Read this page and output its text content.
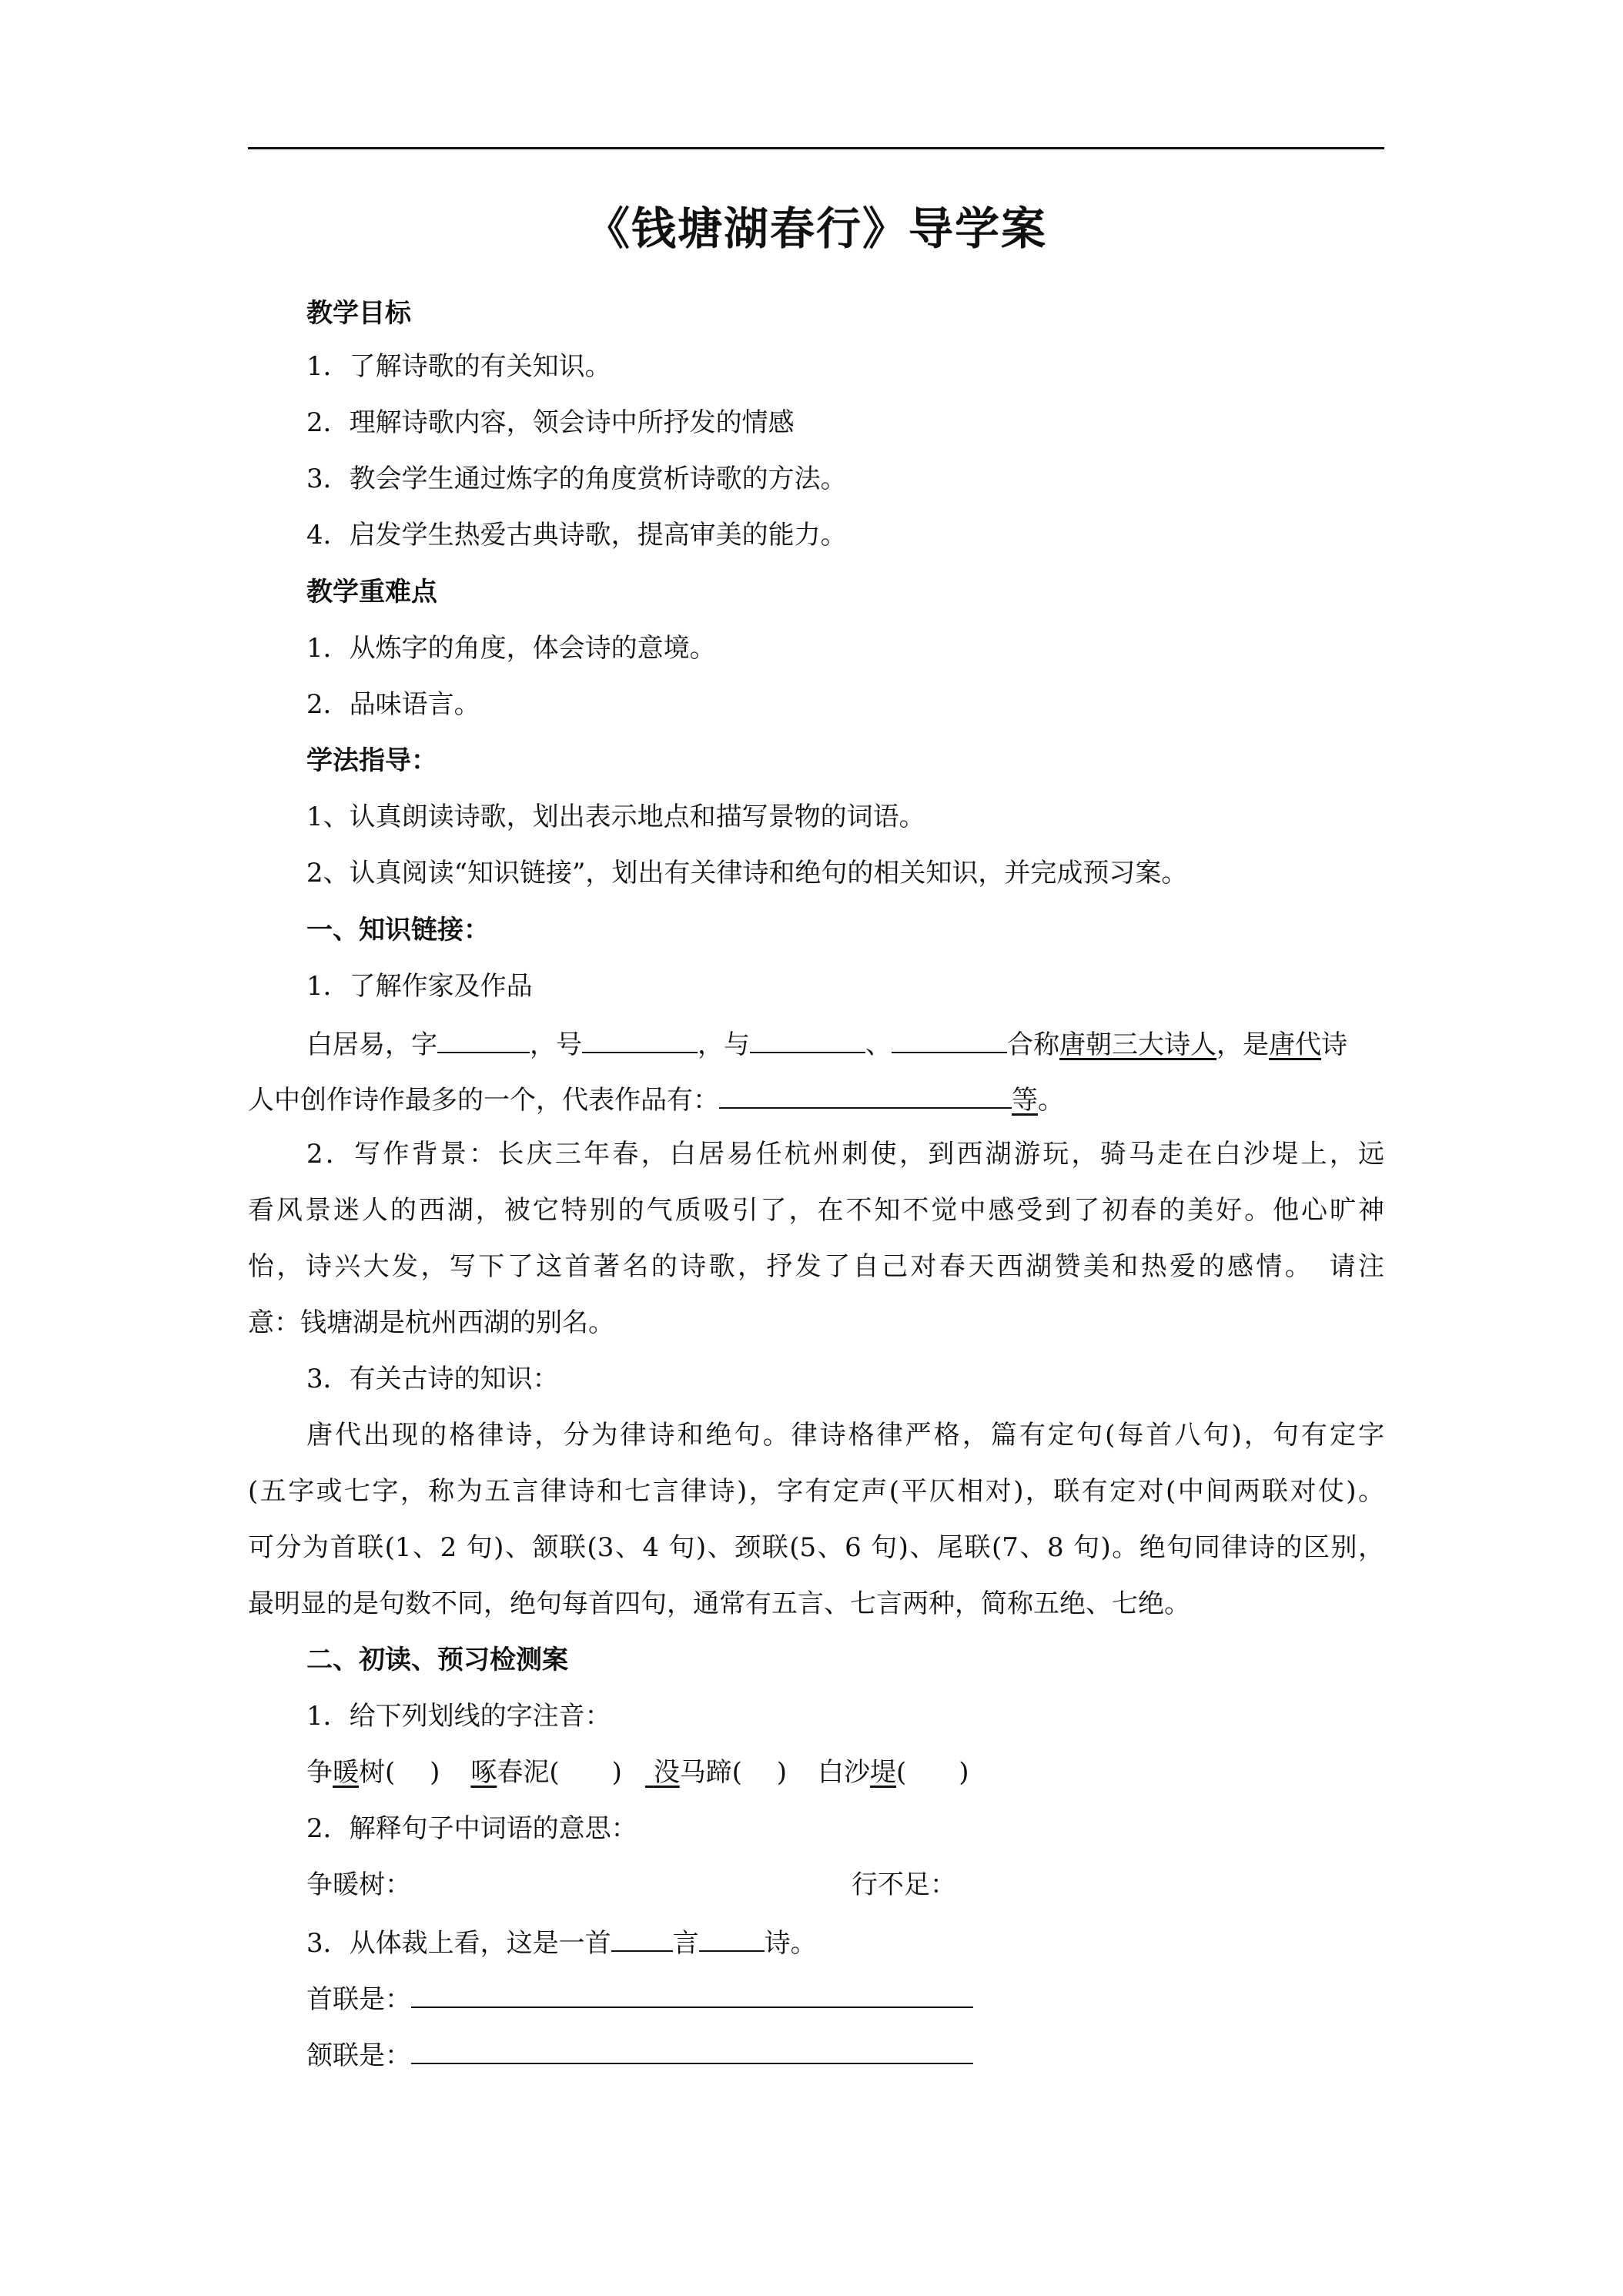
《钱塘湖春行》导学案
教学目标
1．了解诗歌的有关知识。
2．理解诗歌内容，领会诗中所抒发的情感
3．教会学生通过炼字的角度赏析诗歌的方法。
4．启发学生热爱古典诗歌，提高审美的能力。
教学重难点
1．从炼字的角度，体会诗的意境。
2．品味语言。
学法指导：
1、认真朗读诗歌，划出表示地点和描写景物的词语。
2、认真阅读“知识链接”，划出有关律诗和绝句的相关知识，并完成预习案。
一、知识链接：
1．了解作家及作品
白居易，字	，号	，与	、	合称唐朝三大诗人，是唐代诗
人中创作诗作最多的一个，代表作品有：	等。
2．写作背景：长庆三年春，白居易任杭州刺使，到西湖游玩，骑马走在白沙堤上，远
看风景迷人的西湖，被它特别的气质吸引了，在不知不觉中感受到了初春的美好。他心旷神
怡，诗兴大发，写下了这首著名的诗歌，抒发了自己对春天西湖赞美和热爱的感情。　请注
意：钱塘湖是杭州西湖的别名。
3．有关古诗的知识：
唐代出现的格律诗，分为律诗和绝句。律诗格律严格，篇有定句(每首八句)，句有定字
(五字或七字，称为五言律诗和七言律诗)，字有定声(平仄相对)，联有定对(中间两联对仗)。
可分为首联(1、2 句)、颔联(3、4 句)、颈联(5、6 句)、尾联(7、8 句)。绝句同律诗的区别，
最明显的是句数不同，绝句每首四句，通常有五言、七言两种，简称五绝、七绝。
二、初读、预习检测案
1．给下列划线的字注音：
争暖树(　 ) 啄春泥(　　) 没马蹄(　 ) 白沙堤(　　)
2．解释句子中词语的意思：
争暖树：	行不足：
3．从体裁上看，这是一首 言	诗。
首联是：
颔联是：
